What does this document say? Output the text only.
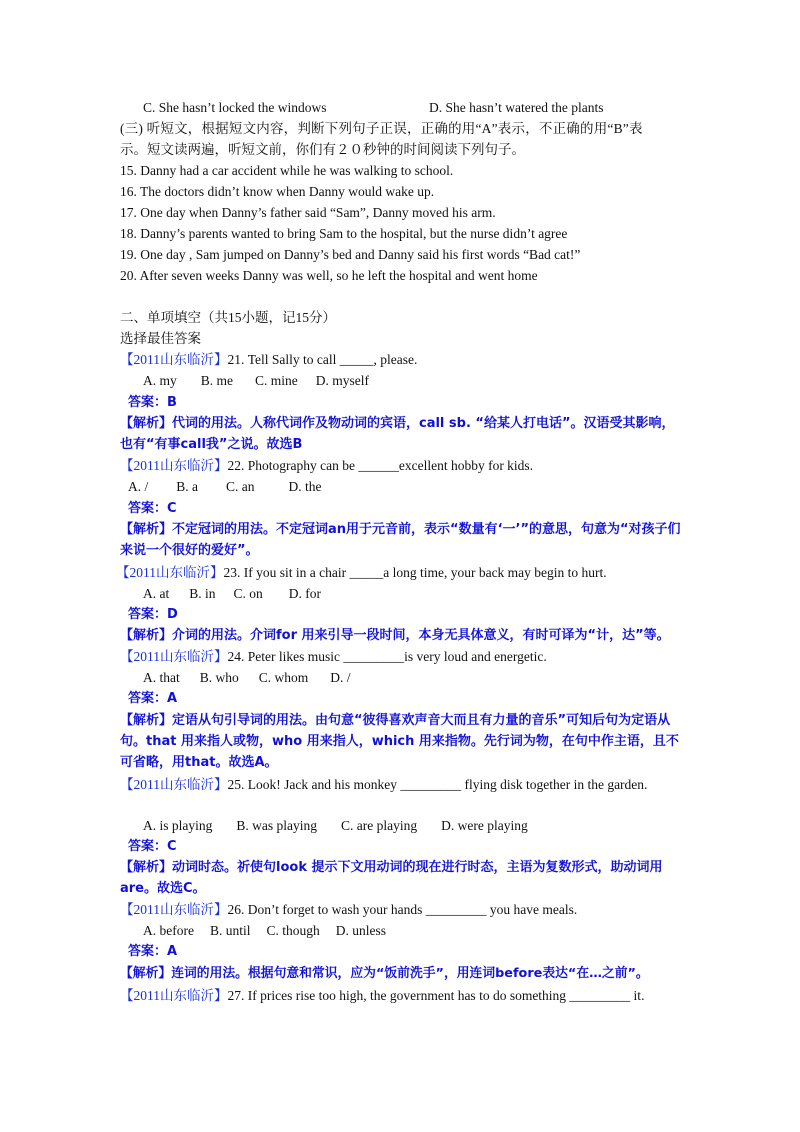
C. She hasn’t locked the windows	D. She hasn’t watered the plants
(三) 听短文，根据短文内容，判断下列句子正误，正确的用“A”表示，不正确的用“B”表
示。短文读两遍，听短文前，你们有２０秒钟的时间阅读下列句子。
15. Danny had a car accident while he was walking to school.
16. The doctors didn’t know when Danny would wake up.
17. One day when Danny’s father said “Sam”, Danny moved his arm.
18. Danny’s parents wanted to bring Sam to the hospital, but the nurse didn’t agree
19. One day , Sam jumped on Danny’s bed and Danny said his first words “Bad cat!”
20. After seven weeks Danny was well, so he left the hospital and went home
二、单项填空（共15小题，记15分）
选择最佳答案
【2011山东临沂】21. Tell Sally to call _____, please.
A. my B. me C. mine D. myself
答案：B
【解析】代词的用法。人称代词作及物动词的宾语，call sb. “给某人打电话”。汉语受其影响，也有“有事call我”之说。故选B
【2011山东临沂】22. Photography can be ______excellent hobby for kids.
A. / B. a C. an	D. the
答案：C
【解析】不定冠词的用法。不定冠词an用于元音前，表示“数量有‘一’”的意思，句意为“对孩子们来说一个很好的爱好”。
【2011山东临沂】23. If you sit in a chair _____a long time, your back may begin to hurt.
A. at B. in C. on D. for
答案：D
【解析】介词的用法。介词for 用来引导一段时间，本身无具体意义，有时可译为“计，达”等。
【2011山东临沂】24. Peter likes music _________is very loud and energetic.
A. that B. who C. whom D. /
答案：A
【解析】定语从句引导词的用法。由句意“彼得喜欢声音大而且有力量的音乐”可知后句为定语从句。that 用来指人或物，who 用来指人，which 用来指物。先行词为物，在句中作主语，且不可省略，用that。故选A。
【2011山东临沂】25. Look! Jack and his monkey _________ flying disk together in the garden.
A. is playing B. was playing C. are playing D. were playing
答案：C
【解析】动词时态。祈使句look 提示下文用动词的现在进行时态，主语为复数形式，助动词用are。故选C。
【2011山东临沂】26. Don’t forget to wash your hands _________ you have meals.
A. before B. until C. though D. unless
答案：A
【解析】连词的用法。根据句意和常识，应为“饭前洗手”，用连词before表达“在…之前”。
【2011山东临沂】27. If prices rise too high, the government has to do something _________ it.
